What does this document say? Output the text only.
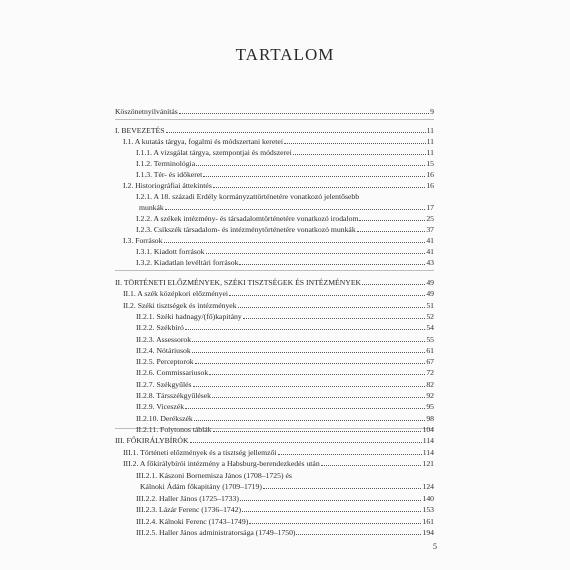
TARTALOM
Köszönetnyilvánítás	9
I. BEVEZETÉS	11
I.1. A kutatás tárgya, fogalmi és módszertani keretei	11
I.1.1. A vizsgálat tárgya, szempontjai és módszerei	11
I.1.2. Terminológia	15
I.1.3. Tér- és időkeret	16
I.2. Historiográfiai áttekintés	16
I.2.1. A 18. századi Erdély kormányzattörténetére vonatkozó jelentősebb
munkák	17
I.2.2. A székek intézmény- és társadalomtörténetére vonatkozó irodalom	25
I.2.3. Csíkszék társadalom- és intézménytörténetére vonatkozó munkák	37
I.3. Források	41
I.3.1. Kiadott források	41
I.3.2. Kiadatlan levéltári források	43
II. TÖRTÉNETI ELŐZMÉNYEK, SZÉKI TISZTSÉGEK ÉS INTÉZMÉNYEK	49
II.1. A szék középkori előzményei	49
II.2. Széki tisztségek és intézmények	51
II.2.1. Széki hadnagy/(fő)kapitány	52
II.2.2. Székbíró	54
II.2.3. Assessorok	55
II.2.4. Nótáriusok	61
II.2.5. Perceptorok	67
II.2.6. Commissariusok	72
II.2.7. Székgyűlés	82
II.2.8. Társszékgyűlések	92
II.2.9. Viceszék	95
II.2.10. Derékszék	98
II.2.11. Folytonos táblák	104
III. FŐKIRÁLYBÍRÓK	114
III.1. Történeti előzmények és a tisztség jellemzői	114
III.2. A főkirálybírói intézmény a Habsburg-berendezkedés után	121
III.2.1. Kászoni Bornemisza János (1708–1725) és
Kálnoki Ádám főkapitány (1709–1719)	124
III.2.2. Haller János (1725–1733)	140
III.2.3. Lázár Ferenc (1736–1742)	153
III.2.4. Kálnoki Ferenc (1743–1749)	161
III.2.5. Haller János administratorsága (1749–1750)	194
5
